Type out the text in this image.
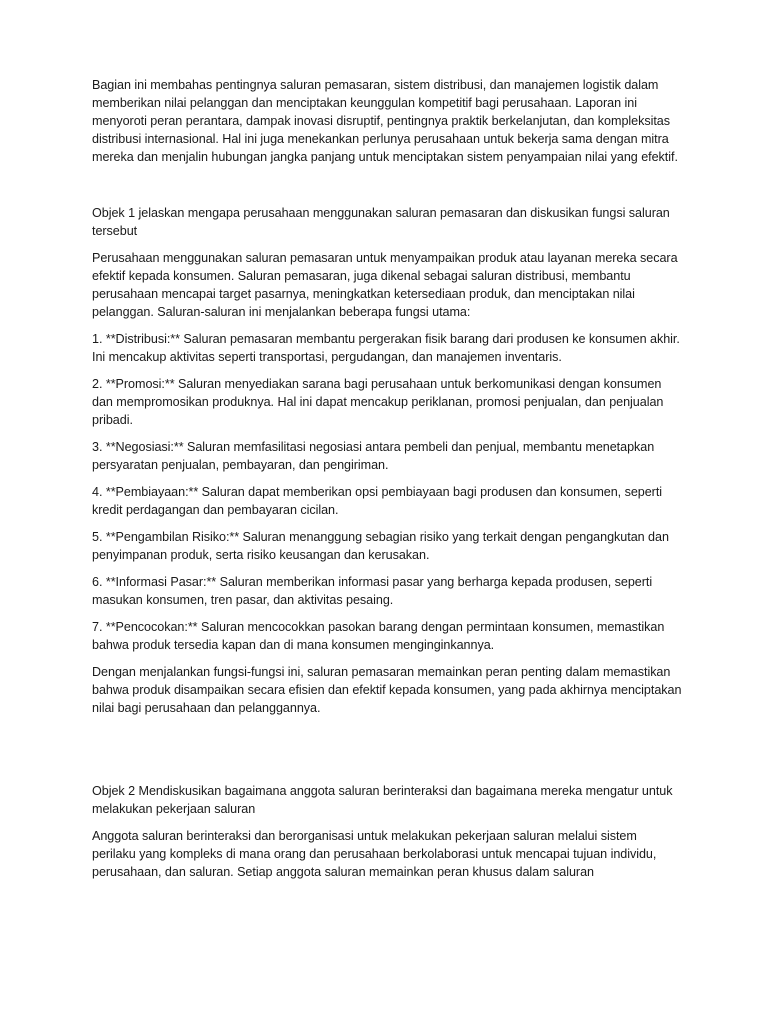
Bagian ini membahas pentingnya saluran pemasaran, sistem distribusi, dan manajemen logistik dalam memberikan nilai pelanggan dan menciptakan keunggulan kompetitif bagi perusahaan. Laporan ini menyoroti peran perantara, dampak inovasi disruptif, pentingnya praktik berkelanjutan, dan kompleksitas distribusi internasional. Hal ini juga menekankan perlunya perusahaan untuk bekerja sama dengan mitra mereka dan menjalin hubungan jangka panjang untuk menciptakan sistem penyampaian nilai yang efektif.

Objek 1 jelaskan mengapa perusahaan menggunakan saluran pemasaran dan diskusikan fungsi saluran tersebut

Perusahaan menggunakan saluran pemasaran untuk menyampaikan produk atau layanan mereka secara efektif kepada konsumen. Saluran pemasaran, juga dikenal sebagai saluran distribusi, membantu perusahaan mencapai target pasarnya, meningkatkan ketersediaan produk, dan menciptakan nilai pelanggan. Saluran-saluran ini menjalankan beberapa fungsi utama:

1. **Distribusi:** Saluran pemasaran membantu pergerakan fisik barang dari produsen ke konsumen akhir. Ini mencakup aktivitas seperti transportasi, pergudangan, dan manajemen inventaris.

2. **Promosi:** Saluran menyediakan sarana bagi perusahaan untuk berkomunikasi dengan konsumen dan mempromosikan produknya. Hal ini dapat mencakup periklanan, promosi penjualan, dan penjualan pribadi.

3. **Negosiasi:** Saluran memfasilitasi negosiasi antara pembeli dan penjual, membantu menetapkan persyaratan penjualan, pembayaran, dan pengiriman.

4. **Pembiayaan:** Saluran dapat memberikan opsi pembiayaan bagi produsen dan konsumen, seperti kredit perdagangan dan pembayaran cicilan.

5. **Pengambilan Risiko:** Saluran menanggung sebagian risiko yang terkait dengan pengangkutan dan penyimpanan produk, serta risiko keusangan dan kerusakan.

6. **Informasi Pasar:** Saluran memberikan informasi pasar yang berharga kepada produsen, seperti masukan konsumen, tren pasar, dan aktivitas pesaing.

7. **Pencocokan:** Saluran mencocokkan pasokan barang dengan permintaan konsumen, memastikan bahwa produk tersedia kapan dan di mana konsumen menginginkannya.

Dengan menjalankan fungsi-fungsi ini, saluran pemasaran memainkan peran penting dalam memastikan bahwa produk disampaikan secara efisien dan efektif kepada konsumen, yang pada akhirnya menciptakan nilai bagi perusahaan dan pelanggannya.

Objek 2 Mendiskusikan bagaimana anggota saluran berinteraksi dan bagaimana mereka mengatur untuk melakukan pekerjaan saluran

Anggota saluran berinteraksi dan berorganisasi untuk melakukan pekerjaan saluran melalui sistem perilaku yang kompleks di mana orang dan perusahaan berkolaborasi untuk mencapai tujuan individu, perusahaan, dan saluran. Setiap anggota saluran memainkan peran khusus dalam saluran
